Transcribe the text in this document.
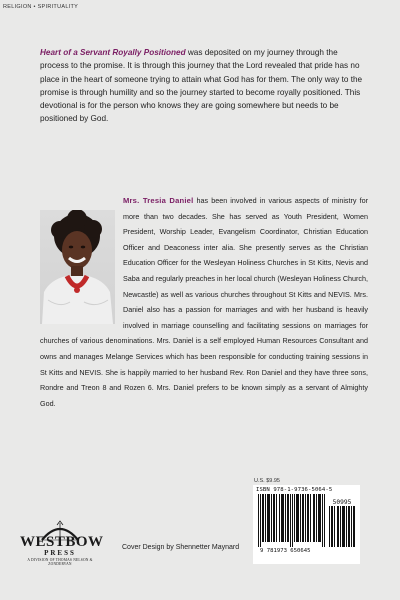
RELIGION • SPIRITUALITY
Heart of a Servant Royally Positioned was deposited on my journey through the process to the promise. It is through this journey that the Lord revealed that pride has no place in the heart of someone trying to attain what God has for them. The only way to the promise is through humility and so the journey started to become royally positioned. This devotional is for the person who knows they are going somewhere but needs to be positioned by God.
Mrs. Tresia Daniel has been involved in various aspects of ministry for more than two decades. She has served as Youth President, Women President, Worship Leader, Evangelism Coordinator, Christian Education Officer and Deaconess inter alia. She presently serves as the Christian Education Officer for the Wesleyan Holiness Churches in St Kitts, Nevis and Saba and regularly preaches in her local church (Wesleyan Holiness Church, Newcastle) as well as various churches throughout St Kitts and NEVIS. Mrs. Daniel also has a passion for marriages and with her husband is heavily involved in marriage counselling and facilitating sessions on marriages for churches of various denominations. Mrs. Daniel is a self employed Human Resources Consultant and owns and manages Melange Services which has been responsible for conducting training sessions in St Kitts and NEVIS. She is happily married to her husband Rev. Ron Daniel and they have three sons, Rondre and Treon 8 and Rozen 6. Mrs. Daniel prefers to be known simply as a servant of Almighty God.
U.S. $9.95
ISBN 978-1-9736-5064-5
50995
9 781973 650645
Cover Design by Shennetter Maynard
WESTBOW
PRESS
A DIVISION OF THOMAS NELSON & ZONDERVAN
